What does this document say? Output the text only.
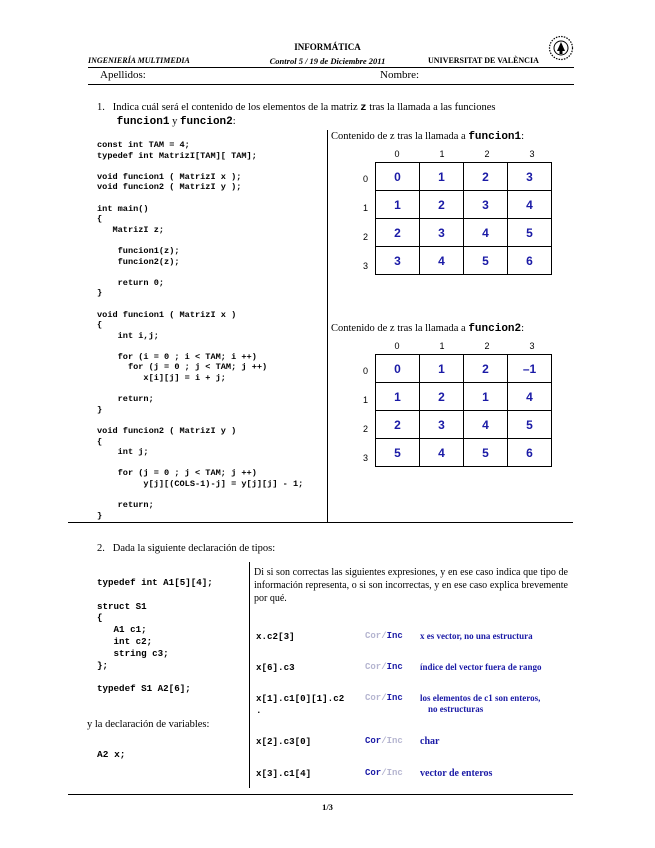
INFORMÁTICA
INGENIERÍA MULTIMEDIA	Control 5 / 19 de Diciembre 2011	UNIVERSITAT DE VALÈNCIA
Apellidos:	Nombre:
1. Indica cuál será el contenido de los elementos de la matriz z tras la llamada a las funciones
funcion1 y funcion2:
const int TAM = 4;
typedef int MatrizI[TAM][ TAM];
void funcion1 ( MatrizI x );
void funcion2 ( MatrizI y );
int main()
{
MatrizI z;
funcion1(z);
funcion2(z);
return 0;
}
void funcion1 ( MatrizI x )
{
int i,j;
for (i = 0 ; i < TAM; i ++)
for (j = 0 ; j < TAM; j ++)
x[i][j] = i + j;
return;
}
void funcion2 ( MatrizI y )
{
int j;
for (j = 0 ; j < TAM; j ++)
y[j][(COLS-1)-j] = y[j][j] - 1;
return;
}
Contenido de z tras la llamada a funcion1:
0	1	2	3
0
1
2
3
0	1	2	3
1	2	3	4
2	3	4	5
3	4	5	6
Contenido de z tras la llamada a funcion2:
0	1	2	3
0
1
2
3
0	1	2	–1
1	2	1	4
2	3	4	5
5	4	5	6
2. Dada la siguiente declaración de tipos:
typedef int A1[5][4];
struct S1
{
A1 c1;
int c2;
string c3;
};
typedef S1 A2[6];
y la declaración de variables:
A2 x;
Di si son correctas las siguientes expresiones, y en ese caso indica que tipo de información representa, o si son incorrectas, y en ese caso explica brevemente por qué.
x.c2[3]	Cor/Inc x es vector, no una estructura
x[6].c3	Cor/Inc índice del vector fuera de rango
x[1].c1[0][1].c2
.
Cor/Inc los elementos de c1 son enteros,
no estructuras
x[2].c3[0]	Cor/Inc char
x[3].c1[4]	Cor/Inc vector de enteros
1/3
